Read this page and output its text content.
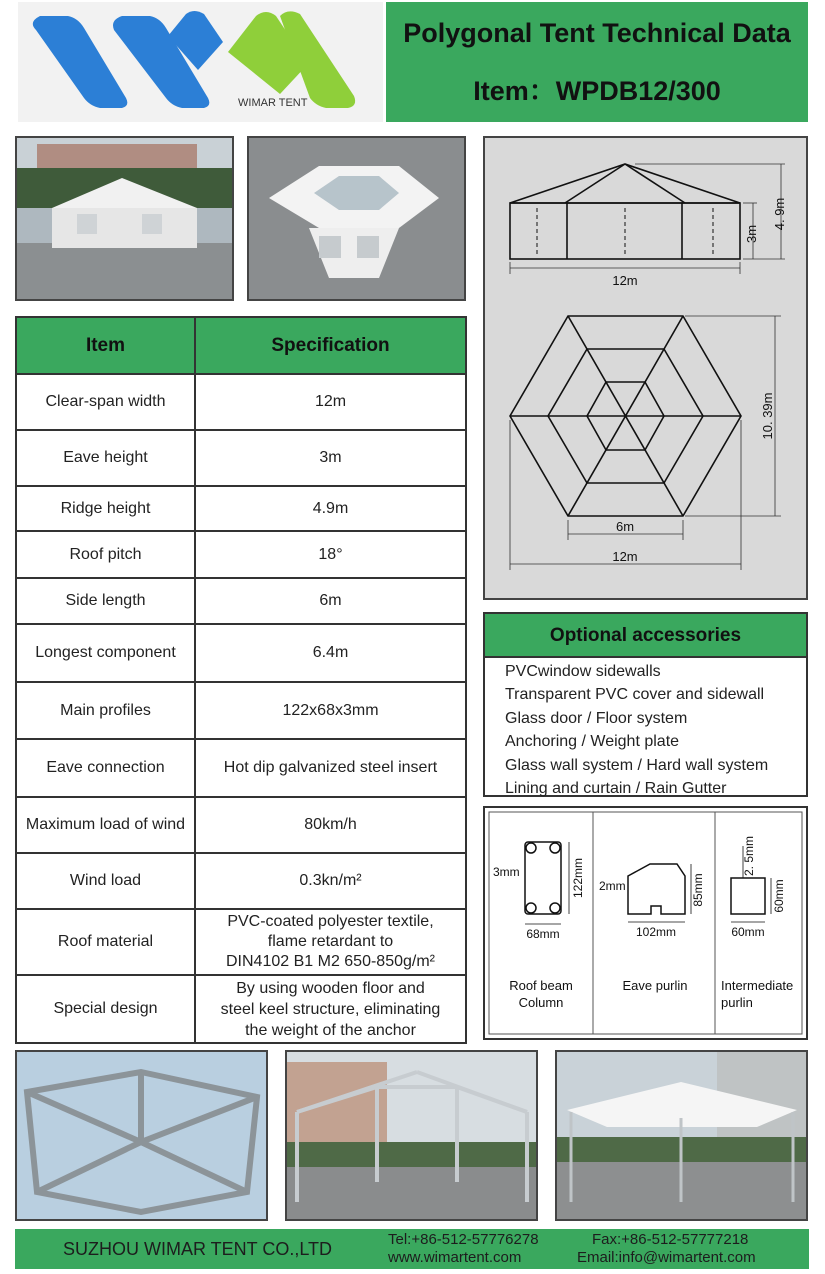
WIMAR TENT
Polygonal Tent Technical Data
Item：WPDB12/300
Item	Specification
Clear-span width	12m
Eave height	3m
Ridge height	4.9m
Roof pitch	18°
Side length	6m
Longest component	6.4m
Main profiles	122x68x3mm
Eave connection	Hot dip galvanized steel insert
Maximum load of wind	80km/h
Wind load	0.3kn/m²
Roof material	PVC-coated polyester textile,
flame retardant to
DIN4102 B1 M2 650-850g/m²

Special design	By using wooden floor and
steel keel structure, eliminating
the weight of the anchor
3m
4. 9m
12m
10. 39m
6m
12m
Optional accessories
PVCwindow sidewalls
Transparent PVC cover and sidewall
Glass door / Floor system
Anchoring / Weight plate
Glass wall system / Hard wall system
Lining and curtain / Rain Gutter
3mm	122mm
68mm
Roof beam
Column
2mm	85mm
102mm
Eave purlin
2. 5mm
60mm
60mm
Intermediate
purlin
SUZHOU WIMAR TENT CO.,LTD	Tel:+86-512-57776278
www.wimartent.com
Fax:+86-512-57777218
Email:info@wimartent.com
